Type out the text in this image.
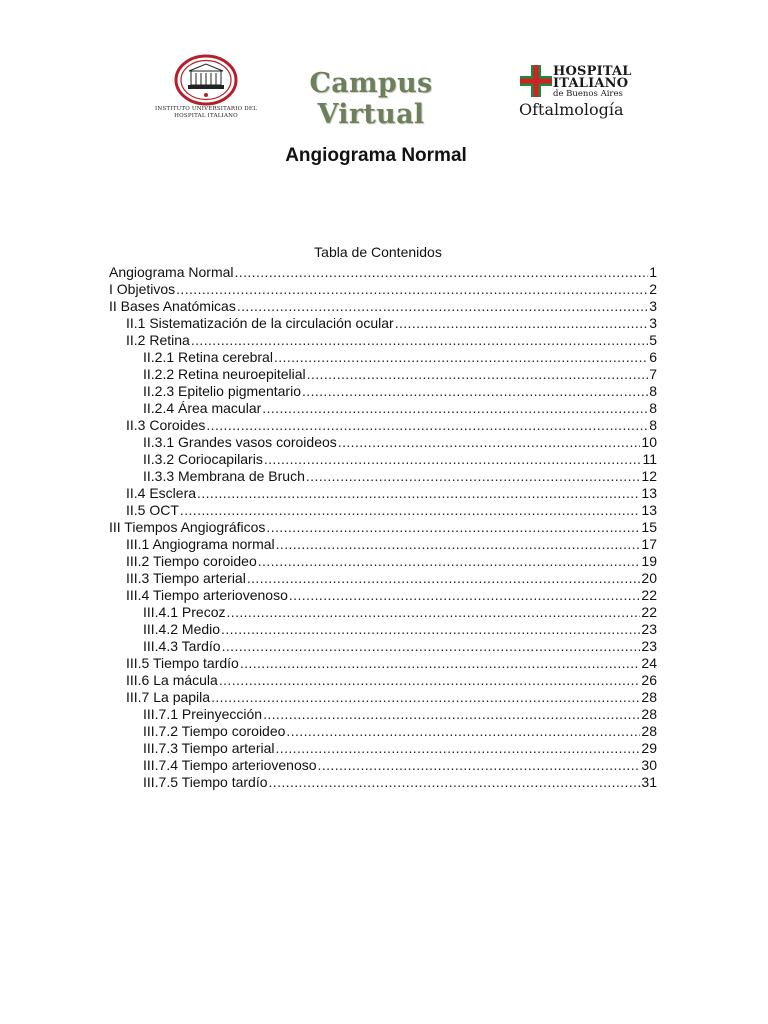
INSTITUTO UNIVERSITARIO DEL HOSPITAL ITALIANO
Campus Virtual
HOSPITAL
ITALIANO
de Buenos Aires
Oftalmología
Angiograma Normal
Tabla de Contenidos
Angiograma Normal .....	1
I Objetivos .....	2
II Bases Anatómicas .....	3
II.1 Sistematización de la circulación ocular .....	3
II.2 Retina .....	5
II.2.1 Retina cerebral .....	6
II.2.2 Retina neuroepitelial .....	7
II.2.3 Epitelio pigmentario .....	8
II.2.4 Área macular .....	8
II.3 Coroides .....	8
II.3.1 Grandes vasos coroideos .....	10
II.3.2 Coriocapilaris .....	11
II.3.3 Membrana de Bruch .....	12
II.4 Esclera .....	13
II.5 OCT .....	13
III Tiempos Angiográficos .....	15
III.1 Angiograma normal .....	17
III.2 Tiempo coroideo .....	19
III.3 Tiempo arterial .....	20
III.4 Tiempo arteriovenoso .....	22
III.4.1 Precoz .....	22
III.4.2 Medio .....	23
III.4.3 Tardío .....	23
III.5 Tiempo tardío .....	24
III.6 La mácula .....	26
III.7 La papila .....	28
III.7.1 Preinyección .....	28
III.7.2 Tiempo coroideo .....	28
III.7.3 Tiempo arterial .....	29
III.7.4 Tiempo arteriovenoso .....	30
III.7.5 Tiempo tardío .....	31
